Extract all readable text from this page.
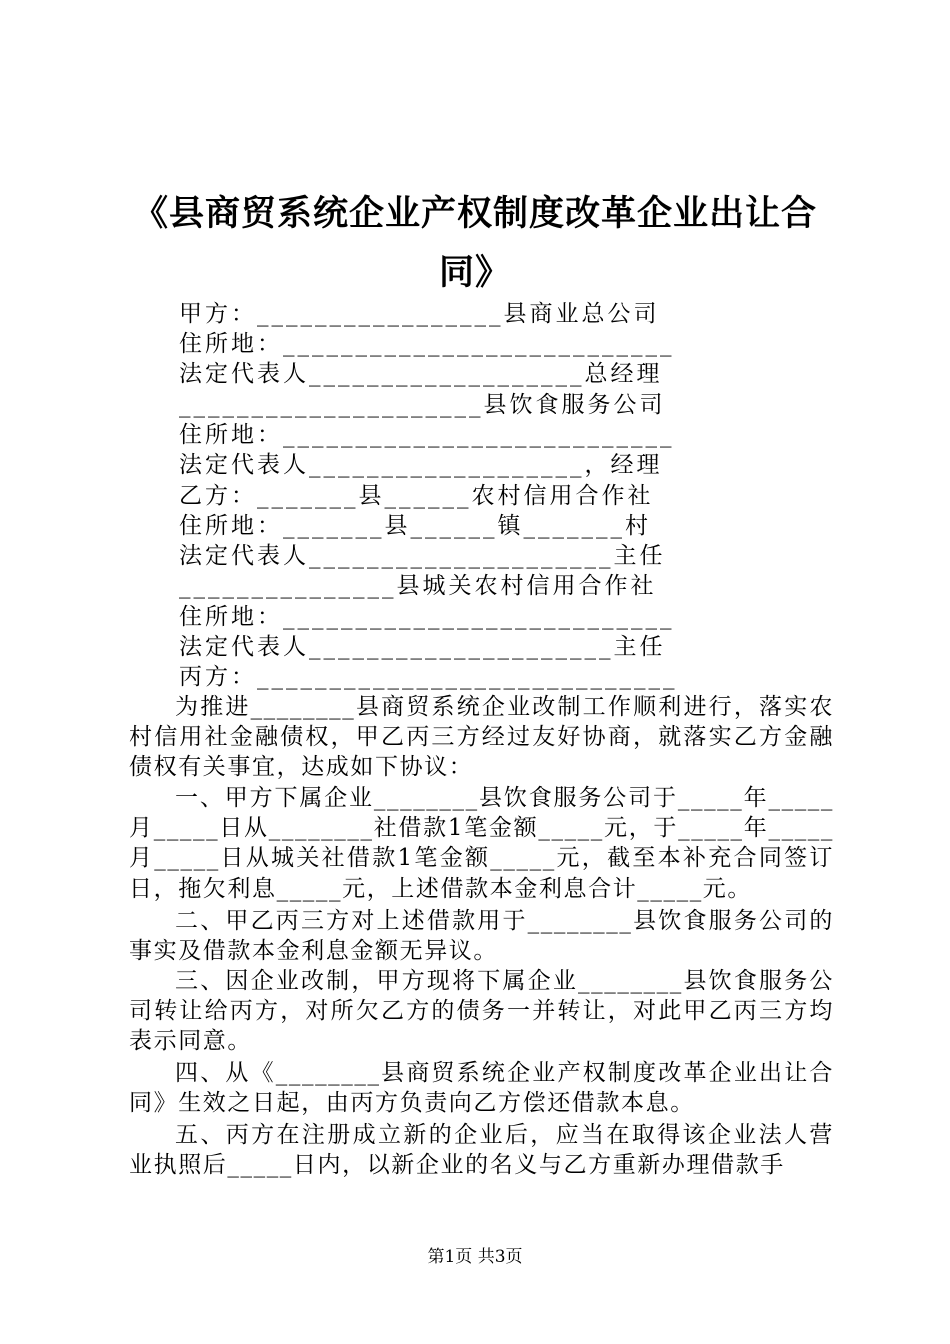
《县商贸系统企业产权制度改革企业出让合
同》
甲方：_________________县商业总公司
住所地：___________________________
法定代表人___________________总经理
_____________________县饮食服务公司
住所地：___________________________
法定代表人___________________，经理
乙方：_______县______农村信用合作社
住所地：_______县______镇_______村
法定代表人_____________________主任
_______________县城关农村信用合作社
住所地：___________________________
法定代表人_____________________主任
丙方：_____________________________

为推进________县商贸系统企业改制工作顺利进行，落实农村信用社金融债权，甲乙丙三方经过友好协商，就落实乙方金融债权有关事宜，达成如下协议：

一、甲方下属企业________县饮食服务公司于_____年_____月_____日从________社借款1笔金额_____元，于_____年_____月_____日从城关社借款1笔金额_____元，截至本补充合同签订日，拖欠利息_____元，上述借款本金利息合计_____元。

二、甲乙丙三方对上述借款用于________县饮食服务公司的事实及借款本金利息金额无异议。

三、因企业改制，甲方现将下属企业________县饮食服务公司转让给丙方，对所欠乙方的债务一并转让，对此甲乙丙三方均表示同意。

四、从《________县商贸系统企业产权制度改革企业出让合同》生效之日起，由丙方负责向乙方偿还借款本息。

五、丙方在注册成立新的企业后，应当在取得该企业法人营业执照后_____日内，以新企业的名义与乙方重新办理借款手

第1页 共3页
